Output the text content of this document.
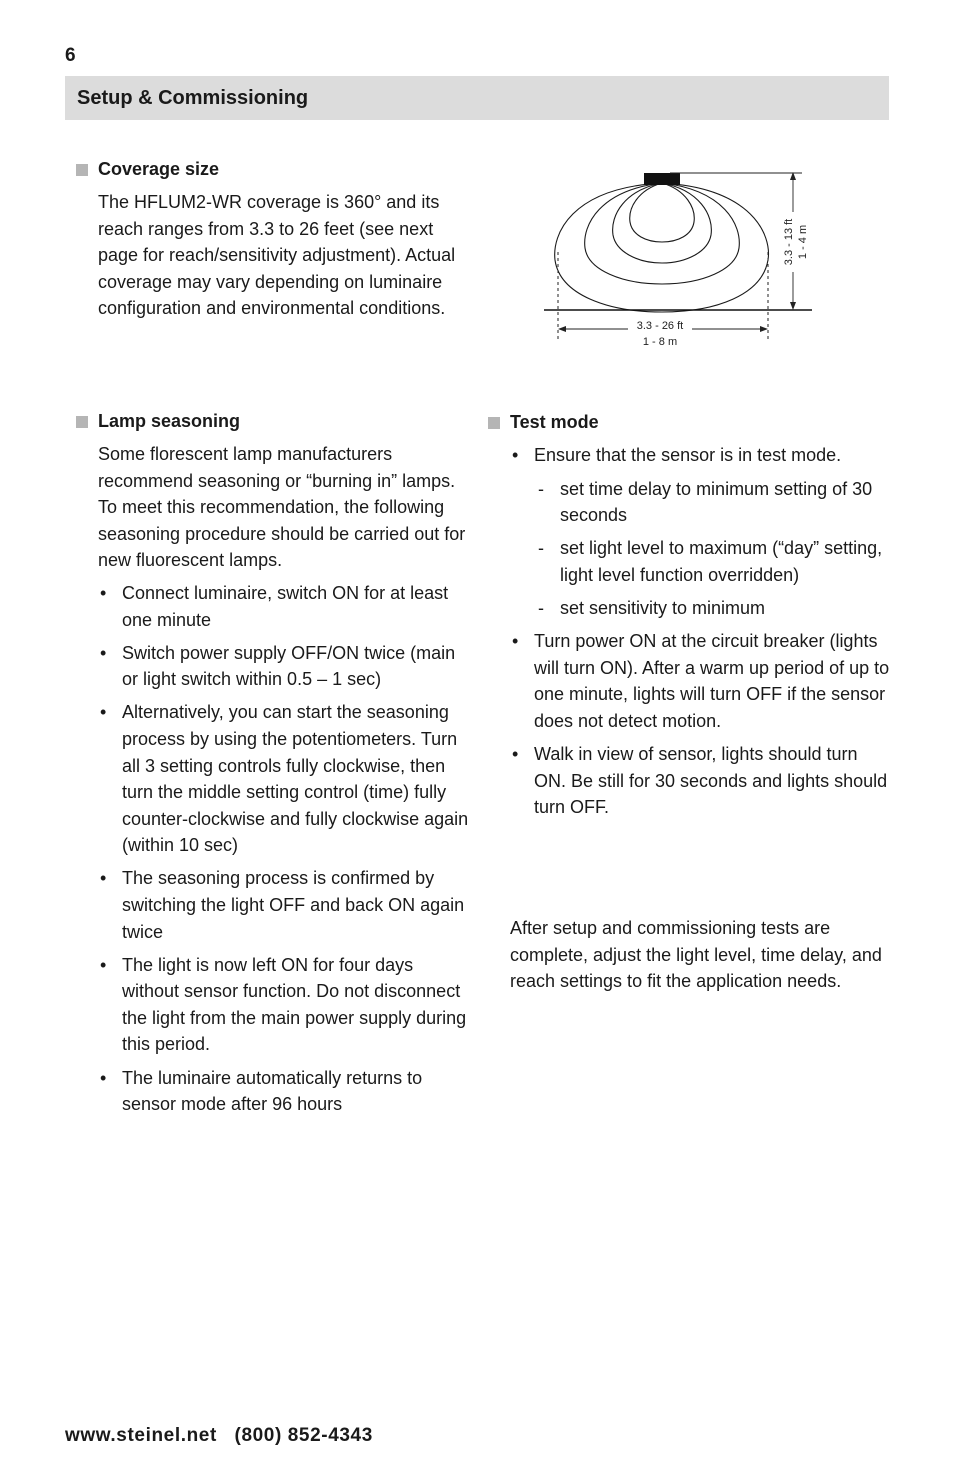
6
Setup & Commissioning
Coverage size

The HFLUM2-WR coverage is 360° and its reach ranges from 3.3 to 26 feet (see next page for reach/sensitivity adjustment). Actual coverage may vary depending on luminaire configuration and environmental conditions.

3.3 - 26 ft
1 - 8 m
3.3 - 13 ft 1 - 4 m
Lamp seasoning

Some florescent lamp manufacturers recommend seasoning or “burning in” lamps. To meet this recommendation, the following seasoning procedure should be carried out for new fluorescent lamps.

• Connect luminaire, switch ON for at least one minute
• Switch power supply OFF/ON twice (main or light switch within 0.5 – 1 sec)
• Alternatively, you can start the seasoning process by using the potentiometers. Turn all 3 setting controls fully clockwise, then turn the middle setting control (time) fully counter-clockwise and fully clockwise again (within 10 sec)
• The seasoning process is confirmed by switching the light OFF and back ON again twice
• The light is now left ON for four days without sensor function. Do not disconnect the light from the main power supply during this period.
• The luminaire automatically returns to sensor mode after 96 hours
Test mode
• Ensure that the sensor is in test mode.
- set time delay to minimum setting of 30 seconds
- set light level to maximum (“day” setting, light level function overridden)
- set sensitivity to minimum
• Turn power ON at the circuit breaker (lights will turn ON). After a warm up period of up to one minute, lights will turn OFF if the sensor does not detect motion.
• Walk in view of sensor, lights should turn ON. Be still for 30 seconds and lights should turn OFF.

After setup and commissioning tests are complete, adjust the light level, time delay, and reach settings to fit the application needs.

www.steinel.net (800) 852-4343
